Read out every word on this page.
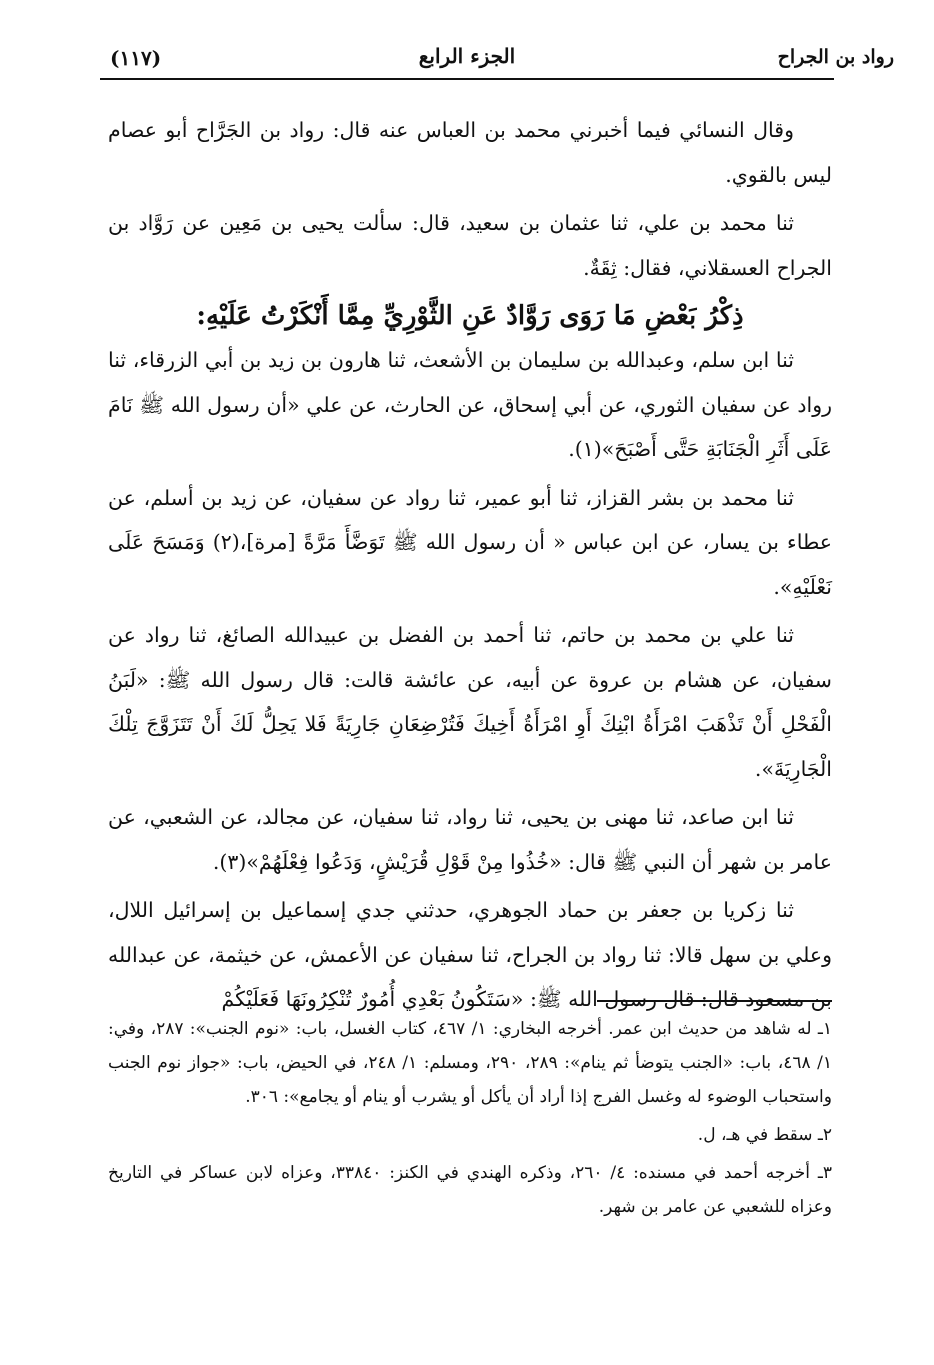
رواد بن الجراح
الجزء الرابع
(١١٧)

وقال النسائي فيما أخبرني محمد بن العباس عنه قال: رواد بن الجَرَّاح أبو عصام ليس بالقوي.

ثنا محمد بن علي، ثنا عثمان بن سعيد، قال: سألت يحيى بن مَعِين عن رَوَّاد بن الجراح العسقلاني، فقال: ثِقَةٌ.

ذِكْرُ بَعْضِ مَا رَوَى رَوَّادٌ عَنِ الثَّوْرِيِّ مِمَّا أَنْكَرْتُ عَلَيْهِ:

ثنا ابن سلم، وعبدالله بن سليمان بن الأشعث، ثنا هارون بن زيد بن أبي الزرقاء، ثنا رواد عن سفيان الثوري، عن أبي إسحاق، عن الحارث، عن علي «أن رسول الله ﷺ نَامَ عَلَى أَثَرِ الْجَنَابَةِ حَتَّى أَصْبَحَ»(١).

ثنا محمد بن بشر القزاز، ثنا أبو عمير، ثنا رواد عن سفيان، عن زيد بن أسلم، عن عطاء بن يسار، عن ابن عباس « أن رسول الله ﷺ تَوَضَّأَ مَرَّةً [مرة]،(٢) وَمَسَحَ عَلَى نَعْلَيْهِ».

ثنا علي بن محمد بن حاتم، ثنا أحمد بن الفضل بن عبيدالله الصائغ، ثنا رواد عن سفيان، عن هشام بن عروة عن أبيه، عن عائشة قالت: قال رسول الله ﷺ: «لَبَنُ الْفَحْلِ أَنْ تَذْهَبَ امْرَأَةُ ابْنِكَ أَوِ امْرَأَةُ أَخِيكَ فَتُرْضِعَانِ جَارِيَةً فَلا يَحِلُّ لَكَ أَنْ تَتَزَوَّجَ تِلْكَ الْجَارِيَةَ».

ثنا ابن صاعد، ثنا مهنى بن يحيى، ثنا رواد، ثنا سفيان، عن مجالد، عن الشعبي، عن عامر بن شهر أن النبي ﷺ قال: «خُذُوا مِنْ قَوْلِ قُرَيْشٍ، وَدَعُوا فِعْلَهُمْ»(٣).

ثنا زكريا بن جعفر بن حماد الجوهري، حدثني جدي إسماعيل بن إسرائيل اللال، وعلي بن سهل قالا: ثنا رواد بن الجراح، ثنا سفيان عن الأعمش، عن خيثمة، عن عبدالله بن مسعود قال: قال رسول الله ﷺ: «سَتَكُونُ بَعْدِي أُمُورٌ تُنْكِرُونَهَا فَعَلَيْكُمْ

١ـ له شاهد من حديث ابن عمر. أخرجه البخاري: ١/ ٤٦٧، كتاب الغسل، باب: «نوم الجنب»: ٢٨٧، وفي: ١/ ٤٦٨، باب: «الجنب يتوضأ ثم ينام»: ٢٨٩، ٢٩٠، ومسلم: ١/ ٢٤٨، في الحيض، باب: «جواز نوم الجنب واستحباب الوضوء له وغسل الفرج إذا أراد أن يأكل أو يشرب أو ينام أو يجامع»: ٣٠٦.

٢ـ سقط في هـ، ل.

٣ـ أخرجه أحمد في مسنده: ٤/ ٢٦٠، وذكره الهندي في الكنز: ٣٣٨٤٠، وعزاه لابن عساكر في التاريخ وعزاه للشعبي عن عامر بن شهر.
